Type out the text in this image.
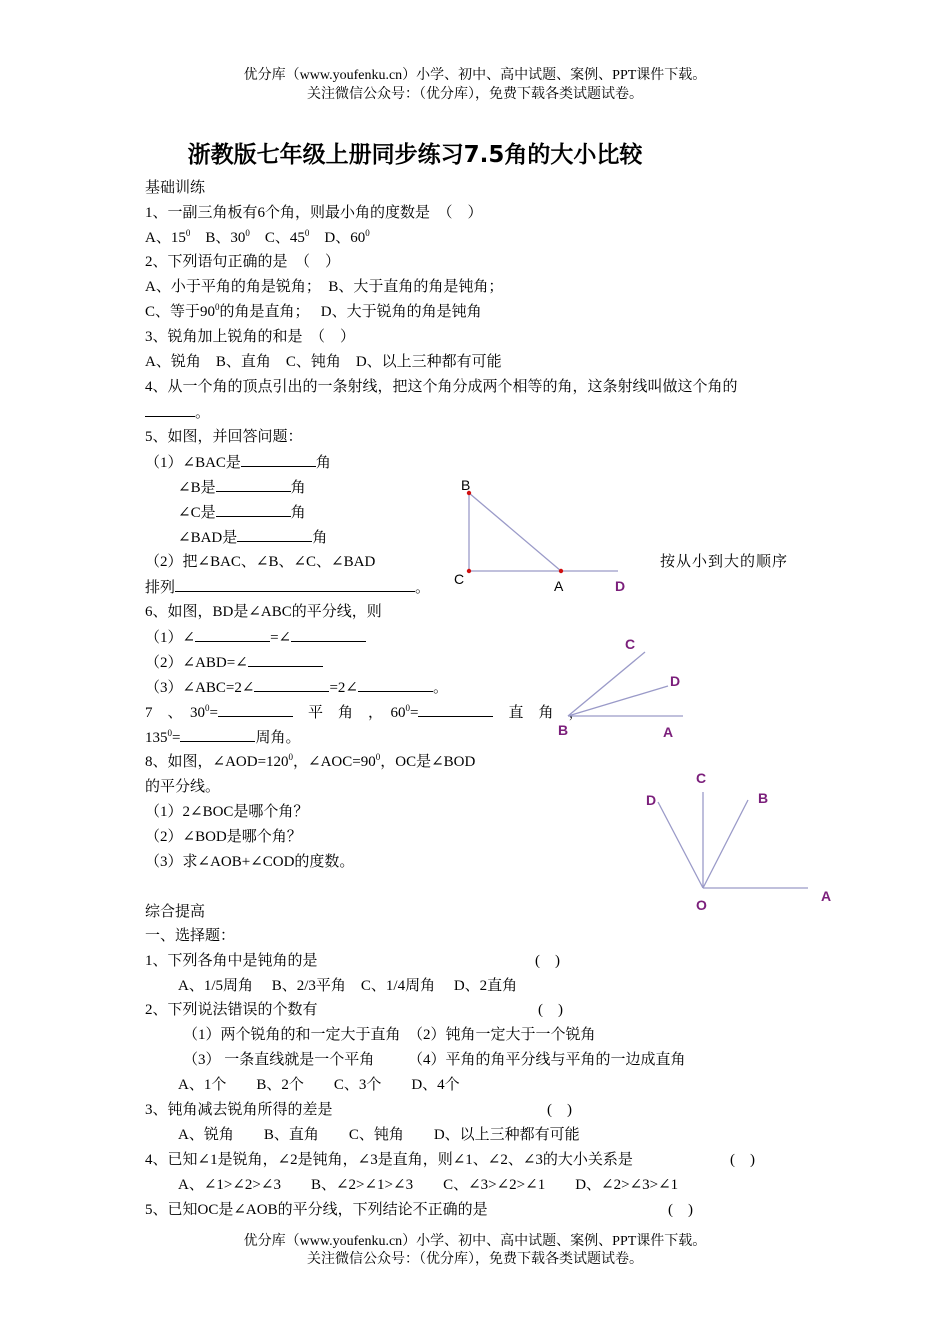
优分库（www.youfenku.cn）小学、初中、高中试题、案例、PPT课件下载。
关注微信公众号：（优分库），免费下载各类试题试卷。
浙教版七年级上册同步练习7.5角的大小比较
基础训练
1、一副三角板有6个角，则最小角的度数是　（　）
A、$15^0$　B、$30^0$　C、$45^0$　D、$60^0$
2、下列语句正确的是　（　）
A、小于平角的角是锐角；　B、大于直角的角是钝角；
C、等于$90^0$的角是直角；　 D、大于锐角的角是钝角
3、锐角加上锐角的和是　（　）
A、锐角　B、直角　C、钝角　D、以上三种都有可能
4、从一个角的顶点引出的一条射线，把这个角分成两个相等的角，这条射线叫做这个角的
。
5、如图，并回答问题：
（1）∠BAC是	角
∠B是	角
∠C是	角
∠BAD是	角
（2）把∠BAC、∠B、∠C、∠BAD	按从小到大的顺序
排列	。
6、如图，BD是∠ABC的平分线，则
（1）∠	=∠
（2）∠ABD=∠
（3）∠ABC=2∠	=2∠	。
7　、　$30^0=$	　平　角　，　$60^0=$	　直　角　，
$135^0=$	周角。
8、如图，$\angle AOD=120^0$，$\angle AOC=90^0$，OC是∠BOD
的平分线。
（1）2∠BOC是哪个角？
（2）∠BOD是哪个角？
（3）求∠AOB+∠COD的度数。
综合提高
一、选择题：
1、下列各角中是钝角的是	(　)
A、1/5周角　 B、2/3平角　C、1/4周角　 D、2直角
2、下列说法错误的个数有	(　)
（1）两个锐角的和一定大于直角　（2）钝角一定大于一个锐角
（3） 一条直线就是一个平角　　 （4）平角的角平分线与平角的一边成直角
A、1个　　B、2个　　C、3个　　D、4个
3、钝角减去锐角所得的差是	(　)
A、锐角　　B、直角　　C、钝角　　D、以上三种都有可能
4、已知∠1是锐角，∠2是钝角，∠3是直角，则∠1、∠2、∠3的大小关系是	(　)
A、∠1>∠2>∠3　　B、∠2>∠1>∠3　　C、∠3>∠2>∠1　　D、∠2>∠3>∠1
5、已知OC是∠AOB的平分线，下列结论不正确的是	(　)
优分库（www.youfenku.cn）小学、初中、高中试题、案例、PPT课件下载。
关注微信公众号：（优分库），免费下载各类试题试卷。
B
C	A	D
C
D
B	A
C
D	B
A
O
